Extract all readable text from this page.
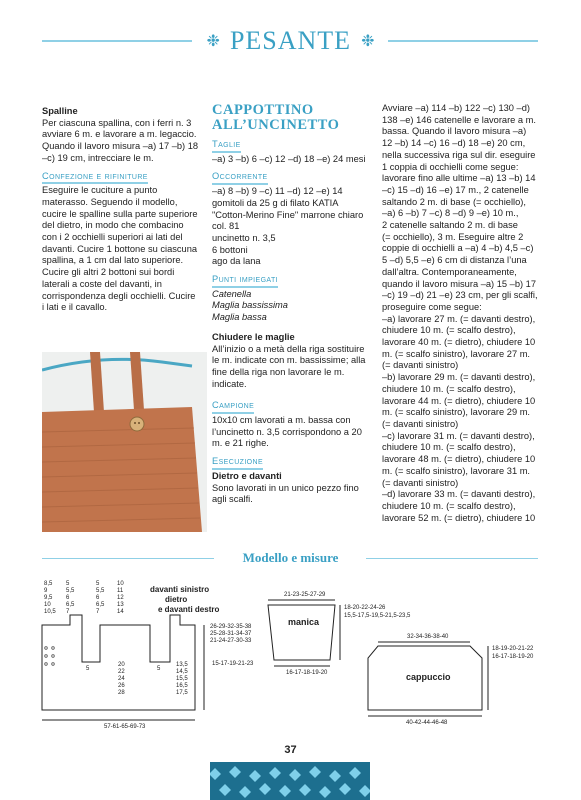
❉ PESANTE ❉

Spalline

Per ciascuna spallina, con i ferri n. 3 avviare 6 m. e lavorare a m. legaccio. Quando il lavoro misura –a) 17 –b) 18 –c) 19 cm, intrecciare le m.

Confezione e rifiniture

Eseguire le cuciture a punto materasso. Seguendo il modello, cucire le spalline sulla parte superiore del dietro, in modo che combacino con i 2 occhielli superiori ai lati del davanti. Cucire 1 bottone su ciascuna spallina, a 1 cm dal lato superiore. Cucire gli altri 2 bottoni sui bordi laterali a coste del davanti, in corrispondenza degli occhielli. Cucire i lati e il cavallo.

CAPPOTTINO
ALL’UNCINETTO
Taglie

–a) 3 –b) 6 –c) 12 –d) 18 –e) 24 mesi

Occorrente

–a) 8 –b) 9 –c) 11 –d) 12 –e) 14 gomitoli da 25 g di filato KATIA "Cotton-Merino Fine" marrone chiaro col. 81

uncinetto n. 3,5

6 bottoni

ago da lana

Punti impiegati

Catenella

Maglia bassissima

Maglia bassa

Chiudere le maglie

All’inizio o a metà della riga sostituire le m. indicate con m. bassissime; alla fine della riga non lavorare le m. indicate.

Campione

10x10 cm lavorati a m. bassa con l’uncinetto n. 3,5 corrispondono a 20 m. e 21 righe.

Esecuzione

Dietro e davanti

Sono lavorati in un unico pezzo fino agli scalfi.

Avviare –a) 114 –b) 122 –c) 130 –d)

138 –e) 146 catenelle e lavorare a m.

bassa. Quando il lavoro misura –a)

12 –b) 14 –c) 16 –d) 18 –e) 20 cm,

nella successiva riga sul dir. eseguire

1 coppia di occhielli come segue:

lavorare fino alle ultime –a) 13 –b) 14

–c) 15 –d) 16 –e) 17 m., 2 catenelle

saltando 2 m. di base (= occhiello),

–a) 6 –b) 7 –c) 8 –d) 9 –e) 10 m.,

2 catenelle saltando 2 m. di base

(= occhiello), 3 m. Eseguire altre 2

coppie di occhielli a –a) 4 –b) 4,5 –c)

5 –d) 5,5 –e) 6 cm di distanza l’una

dall’altra. Contemporaneamente,

quando il lavoro misura –a) 15 –b) 17

–c) 19 –d) 21 –e) 23 cm, per gli scalfi,

proseguire come segue:

–a) lavorare 27 m. (= davanti destro),

chiudere 10 m. (= scalfo destro),

lavorare 40 m. (= dietro), chiudere 10

m. (= scalfo sinistro), lavorare 27 m.

(= davanti sinistro)

–b) lavorare 29 m. (= davanti destro),

chiudere 10 m. (= scalfo destro),

lavorare 44 m. (= dietro), chiudere 10

m. (= scalfo sinistro), lavorare 29 m.

(= davanti sinistro)

–c) lavorare 31 m. (= davanti destro),

chiudere 10 m. (= scalfo destro),

lavorare 48 m. (= dietro), chiudere 10

m. (= scalfo sinistro), lavorare 31 m.

(= davanti sinistro)

–d) lavorare 33 m. (= davanti destro),

chiudere 10 m. (= scalfo destro),

lavorare 52 m. (= dietro), chiudere 10

Modello e misure
8,5 9 9,5 10 10,5
5 5,5 6 6,5 7
5 5,5 6 6,5 7
10 11 12 13 14
davanti sinistro
dietro
e davanti destro
26-29-32-35-38 25-28-31-34-37 21-24-27-30-33
15-17-19-21-23
20 22 24 26 28
13,5 14,5 15,5 16,5 17,5
5	5
57-61-65-69-73
21-23-25-27-29
manica
18-20-22-24-26
15,5-17,5-19,5-21,5-23,5
16-17-18-19-20
32-34-36-38-40
cappuccio
18-19-20-21-22
16-17-18-19-20
40-42-44-46-48
37
PassionForum.ru
